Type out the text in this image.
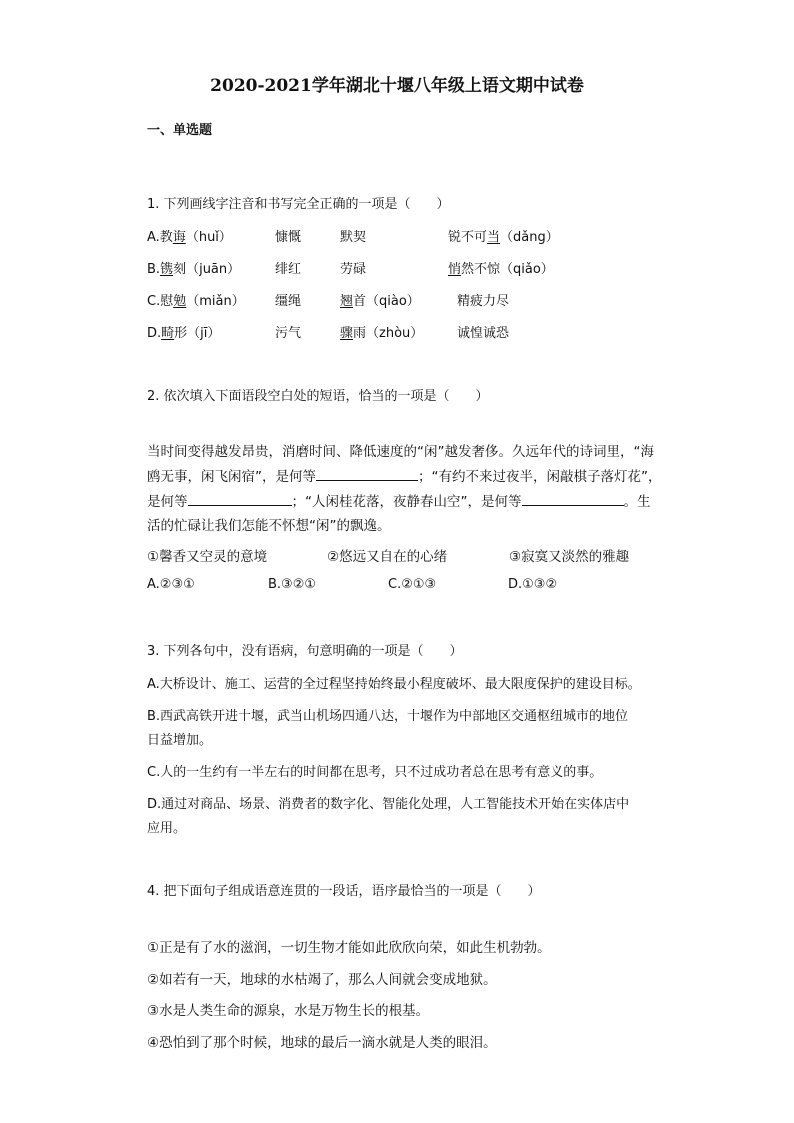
2020-2021学年湖北十堰八年级上语文期中试卷
一、单选题
1. 下列画线字注音和书写完全正确的一项是（　　）
A.教诲（huǐ）	慷慨	默契	锐不可当（dǎng）
B.镌刻（juān）	绯红	劳碌	悄然不惊（qiǎo）
C.慰勉（miǎn） 缰绳	翘首（qiào）	精疲力尽
D.畸形（jī）	污气	骤雨（zhòu）	诚惶诚恐
2. 依次填入下面语段空白处的短语，恰当的一项是（　　）
当时间变得越发昂贵，消磨时间、降低速度的“闲”越发奢侈。久远年代的诗词里，“海
鸥无事，闲飞闲宿”，是何等	；“有约不来过夜半，闲敲棋子落灯花”，
是何等	；“人闲桂花落，夜静春山空”，是何等	。生
活的忙碌让我们怎能不怀想“闲”的飘逸。
①馨香又空灵的意境	②悠远又自在的心绪	③寂寞又淡然的雅趣
A.②③①	B.③②①	C.②①③	D.①③②
3. 下列各句中，没有语病，句意明确的一项是（　　）
A.大桥设计、施工、运营的全过程坚持始终最小程度破坏、最大限度保护的建设目标。
B.西武高铁开进十堰，武当山机场四通八达，十堰作为中部地区交通枢纽城市的地位
日益增加。
C.人的一生约有一半左右的时间都在思考，只不过成功者总在思考有意义的事。
D.通过对商品、场景、消费者的数字化、智能化处理，人工智能技术开始在实体店中
应用。
4. 把下面句子组成语意连贯的一段话，语序最恰当的一项是（　　）
①正是有了水的滋润，一切生物才能如此欣欣向荣，如此生机勃勃。
②如若有一天，地球的水枯竭了，那么人间就会变成地狱。
③水是人类生命的源泉，水是万物生长的根基。
④恐怕到了那个时候，地球的最后一滴水就是人类的眼泪。
